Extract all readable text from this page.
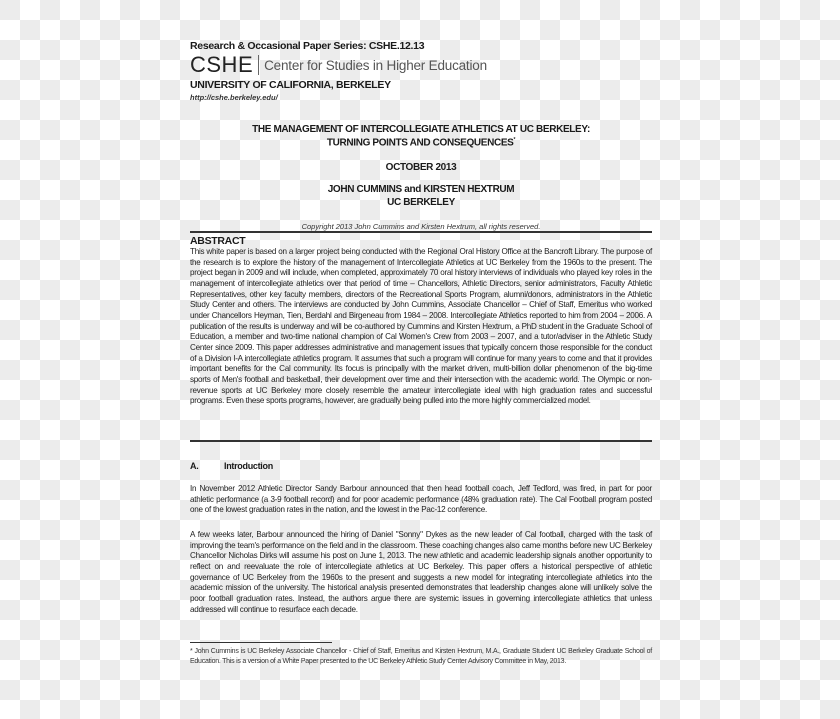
Research & Occasional Paper Series: CSHE.12.13
CSHE Center for Studies in Higher Education
UNIVERSITY OF CALIFORNIA, BERKELEY
http://cshe.berkeley.edu/
THE MANAGEMENT OF INTERCOLLEGIATE ATHLETICS AT UC BERKELEY:
TURNING POINTS AND CONSEQUENCES*
OCTOBER 2013
JOHN CUMMINS and KIRSTEN HEXTRUM
UC BERKELEY
Copyright 2013 John Cummins and Kirsten Hextrum, all rights reserved.
ABSTRACT
This white paper is based on a larger project being conducted with the Regional Oral History Office at the Bancroft Library. The purpose of the research is to explore the history of the management of Intercollegiate Athletics at UC Berkeley from the 1960s to the present. The project began in 2009 and will include, when completed, approximately 70 oral history interviews of individuals who played key roles in the management of intercollegiate athletics over that period of time – Chancellors, Athletic Directors, senior administrators, Faculty Athletic Representatives, other key faculty members, directors of the Recreational Sports Program, alumni/donors, administrators in the Athletic Study Center and others. The interviews are conducted by John Cummins, Associate Chancellor – Chief of Staff, Emeritus who worked under Chancellors Heyman, Tien, Berdahl and Birgeneau from 1984 – 2008. Intercollegiate Athletics reported to him from 2004 – 2006. A publication of the results is underway and will be co-authored by Cummins and Kirsten Hextrum, a PhD student in the Graduate School of Education, a member and two-time national champion of Cal Women's Crew from 2003 – 2007, and a tutor/adviser in the Athletic Study Center since 2009. This paper addresses administrative and management issues that typically concern those responsible for the conduct of a Division I-A intercollegiate athletics program. It assumes that such a program will continue for many years to come and that it provides important benefits for the Cal community. Its focus is principally with the market driven, multi-billion dollar phenomenon of the big-time sports of Men's football and basketball, their development over time and their intersection with the academic world. The Olympic or non-revenue sports at UC Berkeley more closely resemble the amateur intercollegiate ideal with high graduation rates and successful programs. Even these sports programs, however, are gradually being pulled into the more highly commercialized model.
A.	Introduction
In November 2012 Athletic Director Sandy Barbour announced that then head football coach, Jeff Tedford, was fired, in part for poor athletic performance (a 3-9 football record) and for poor academic performance (48% graduation rate). The Cal Football program posted one of the lowest graduation rates in the nation, and the lowest in the Pac-12 conference.
A few weeks later, Barbour announced the hiring of Daniel "Sonny" Dykes as the new leader of Cal football, charged with the task of improving the team's performance on the field and in the classroom. These coaching changes also came months before new UC Berkeley Chancellor Nicholas Dirks will assume his post on June 1, 2013. The new athletic and academic leadership signals another opportunity to reflect on and reevaluate the role of intercollegiate athletics at UC Berkeley. This paper offers a historical perspective of athletic governance of UC Berkeley from the 1960s to the present and suggests a new model for integrating intercollegiate athletics into the academic mission of the university. The historical analysis presented demonstrates that leadership changes alone will unlikely solve the poor football graduation rates. Instead, the authors argue there are systemic issues in governing intercollegiate athletics that unless addressed will continue to resurface each decade.
* John Cummins is UC Berkeley Associate Chancellor - Chief of Staff, Emeritus and Kirsten Hextrum, M.A., Graduate Student UC Berkeley Graduate School of Education. This is a version of a White Paper presented to the UC Berkeley Athletic Study Center Advisory Committee in May, 2013.
